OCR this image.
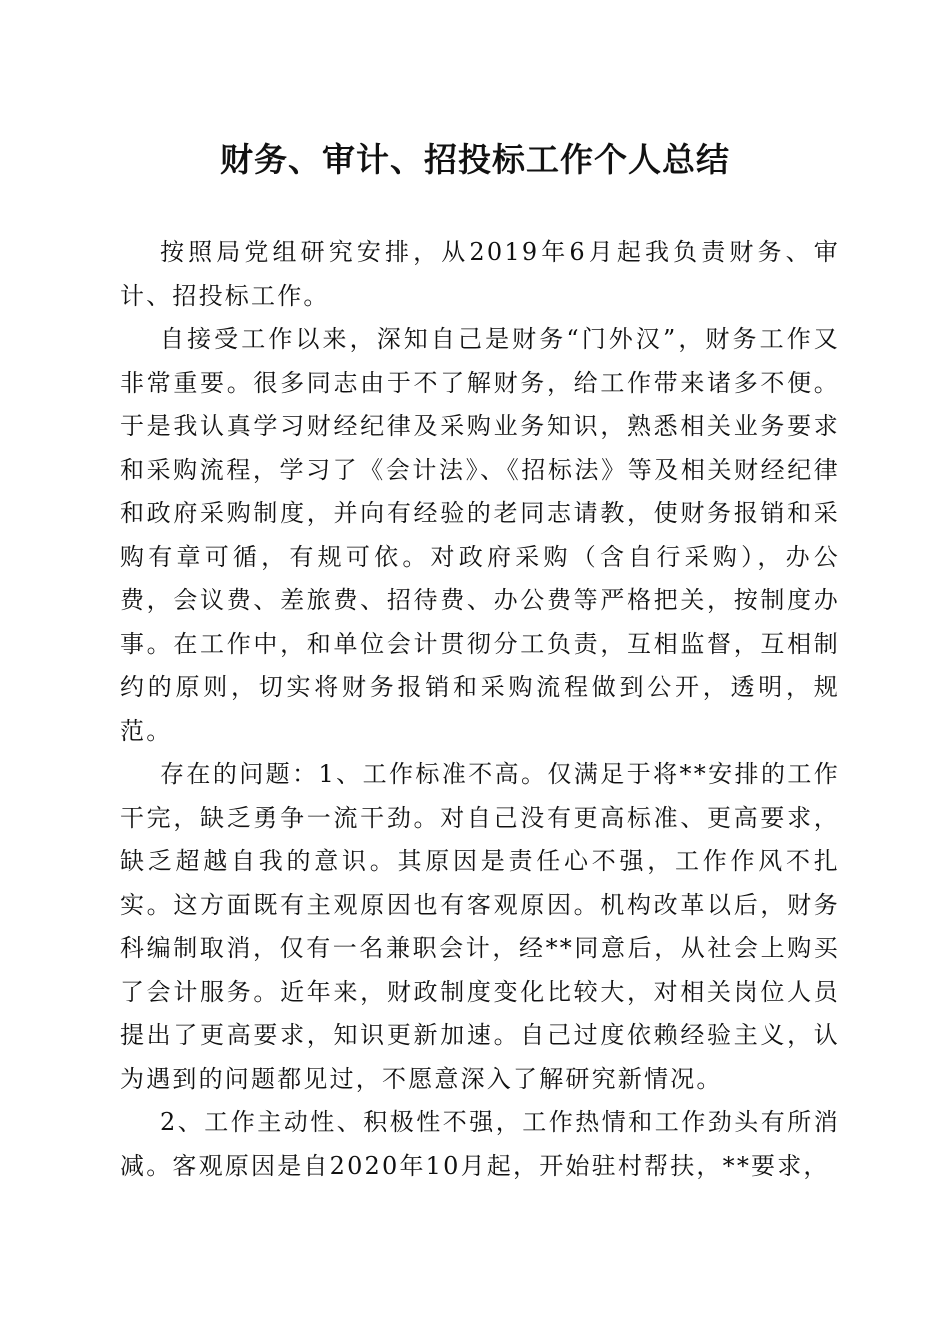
财务、审计、招投标工作个人总结

按照局党组研究安排，从2019年6月起我负责财务、审计、招投标工作。

自接受工作以来，深知自己是财务“门外汉”，财务工作又非常重要。很多同志由于不了解财务，给工作带来诸多不便。于是我认真学习财经纪律及采购业务知识，熟悉相关业务要求和采购流程，学习了《会计法》、《招标法》等及相关财经纪律和政府采购制度，并向有经验的老同志请教，使财务报销和采购有章可循，有规可依。对政府采购（含自行采购），办公费，会议费、差旅费、招待费、办公费等严格把关，按制度办事。在工作中，和单位会计贯彻分工负责，互相监督，互相制约的原则，切实将财务报销和采购流程做到公开，透明，规范。

存在的问题：1、工作标准不高。仅满足于将**安排的工作干完，缺乏勇争一流干劲。对自己没有更高标准、更高要求，缺乏超越自我的意识。其原因是责任心不强，工作作风不扎实。这方面既有主观原因也有客观原因。机构改革以后，财务科编制取消，仅有一名兼职会计，经**同意后，从社会上购买了会计服务。近年来，财政制度变化比较大，对相关岗位人员提出了更高要求，知识更新加速。自己过度依赖经验主义，认为遇到的问题都见过，不愿意深入了解研究新情况。

2、工作主动性、积极性不强，工作热情和工作劲头有所消减。客观原因是自2020年10月起，开始驻村帮扶，**要求，
